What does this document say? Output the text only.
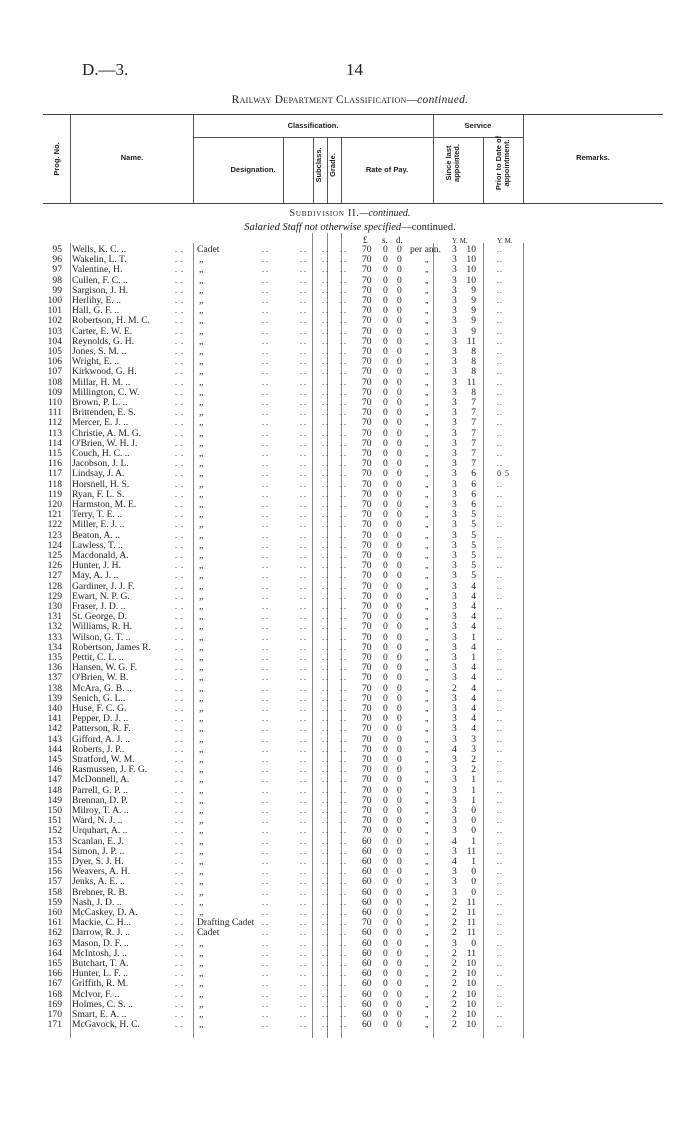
D.—3.	14
Railway Department Classification—continued.
Prog. No.	Name.
Classification.
Designation.	Subclass. Grade.	Rate of Pay.
Service
Since last appointed.	Prior to Date of appointment.	Remarks.
Subdivision II.—continued.
Salaried Staff not otherwise specified—continued.
£ s. d.	Y. M.	Y. M.
95 Wells, K. C. ..	. . Cadet	. .	. . . . . . 70 0 0 per ann. 3	10	..
96 Wakelin, L. T.	. . „	. .	. . . . . . 70 0 0	„ 3	10	..
97 Valentine, H.	. . „	. .	. . . . . . 70 0 0	„ 3	10	..
98 Cullen, F. C. ..	. . „	. .	. . . . . . 70 0 0	„ 3	10	..
99 Sargison, J. H.	. . „	. .	. . . . . . 70 0 0	„ 3	9	..
100 Herlihy, E. ..	. . „	. .	. . . . . . 70 0 0	„ 3	9	..
101 Hall, G. F. ..	. . „	. .	. . . . . . 70 0 0	„ 3	9	..
102 Robertson, H. M. C.	. . „	. .	. . . . . . 70 0 0	„ 3	9	..
103 Carter, E. W. E.	. . „	. .	. . . . . . 70 0 0	„ 3	9	..
104 Reynolds, G. H.	. . „	. .	. . . . . . 70 0 0	„ 3	11	..
105 Jones, S. M. ..	. . „	. .	. . . . . . 70 0 0	„ 3	8	..
106 Wright, E. ..	. . „	. .	. . . . . . 70 0 0	„ 3	8	..
107 Kirkwood, G. H.	. . „	. .	. . . . . . 70 0 0	„ 3	8	..
108 Millar, H. M. ..	. . „	. .	. . . . . . 70 0 0	„ 3	11	..
109 Millington, C. W.	. . „	. .	. . . . . . 70 0 0	„ 3	8	..
110 Brown, P. L. ..	. . „	. .	. . . . . . 70 0 0	„ 3	7	..
111 Brittenden, E. S.	. . „	. .	. . . . . . 70 0 0	„ 3	7	..
112 Mercer, E. J. ..	. . „	. .	. . . . . . 70 0 0	„ 3	7	..
113 Christie, A. M. G.	. . „	. .	. . . . . . 70 0 0	„ 3	7	..
114 O'Brien, W. H. J.	. . „	. .	. . . . . . 70 0 0	„ 3	7	..
115 Couch, H. C. ..	. . „	. .	. . . . . . 70 0 0	„ 3	7	..
116 Jacobson, J. L.	. . „	. .	. . . . . . 70 0 0	„ 3	7	..
117 Lindsay, J. A.	. . „	. .	. . . . . . 70 0 0	„ 3	6	0 5
118 Horsnell, H. S.	. . „	. .	. . . . . . 70 0 0	„ 3	6	..
119 Ryan, F. L. S.	. . „	. .	. . . . . . 70 0 0	„ 3	6	..
120 Harmston, M. E.	. . „	. .	. . . . . . 70 0 0	„ 3	6	..
121 Terry, T. E. ..	. . „	. .	. . . . . . 70 0 0	„ 3	5	..
122 Miller, E. J. ..	. . „	. .	. . . . . . 70 0 0	„ 3	5	..
123 Beaton, A. ..	. . „	. .	. . . . . . 70 0 0	„ 3	5	..
124 Lawless, T. ..	. . „	. .	. . . . . . 70 0 0	„ 3	5	..
125 Macdonald, A.	. . „	. .	. . . . . . 70 0 0	„ 3	5	..
126 Hunter, J. H.	. . „	. .	. . . . . . 70 0 0	„ 3	5	..
127 May, A. J. ..	. . „	. .	. . . . . . 70 0 0	„ 3	5	..
128 Gardiner, J. J. F.	. . „	. .	. . . . . . 70 0 0	„ 3	4	..
129 Ewart, N. P. G.	. . „	. .	. . . . . . 70 0 0	„ 3	4	..
130 Fraser, J. D. ..	. . „	. .	. . . . . . 70 0 0	„ 3	4	..
131 St. George, D.	. . „	. .	. . . . . . 70 0 0	„ 3	4	..
132 Williams, R. H.	. . „	. .	. . . . . . 70 0 0	„ 3	4	..
133 Wilson, G. T. ..	. . „	. .	. . . . . . 70 0 0	„ 3	1	..
134 Robertson, James R.	. . „	. .	. . . . . . 70 0 0	„ 3	4	..
135 Pettit, C. L. ..	. . „	. .	. . . . . . 70 0 0	„ 3	1	..
136 Hansen, W. G. F.	. . „	. .	. . . . . . 70 0 0	„ 3	4	..
137 O'Brien, W. B.	. . „	. .	. . . . . . 70 0 0	„ 3	4	..
138 McAra, G. B. ..	. . „	. .	. . . . . . 70 0 0	„ 2	4	..
139 Senich, G. L..	. . „	. .	. . . . . . 70 0 0	„ 3	4	..
140 Huse, F. C. G.	. . „	. .	. . . . . . 70 0 0	„ 3	4	..
141 Pepper, D. J. ..	. . „	. .	. . . . . . 70 0 0	„ 3	4	..
142 Patterson, R. F.	. . „	. .	. . . . . . 70 0 0	„ 3	4	..
143 Gifford, A. J. ..	. . „	. .	. . . . . . 70 0 0	„ 3	3	..
144 Roberts, J. P..	. . „	. .	. . . . . . 70 0 0	„ 4	3	..
145 Stratford, W. M.	. . „	. .	. . . . . . 70 0 0	„ 3	2	..
146 Rasmussen, J. F. G.	. . „	. .	. . . . . . 70 0 0	„ 3	2	..
147 McDonnell, A.	. . „	. .	. . . . . . 70 0 0	„ 3	1	..
148 Parrell, G. P. ..	. . „	. .	. . . . . . 70 0 0	„ 3	1	..
149 Brennan, D. P.	. . „	. .	. . . . . . 70 0 0	„ 3	1	..
150 Milroy, T. A. ..	. . „	. .	. . . . . . 70 0 0	„ 3	0	..
151 Ward, N. J. ..	. . „	. .	. . . . . . 70 0 0	„ 3	0	..
152 Urquhart, A. ..	. . „	. .	. . . . . . 70 0 0	„ 3	0	..
153 Scanlan, E. J.	. . „	. .	. . . . . . 60 0 0	„ 4	1	..
154 Simon, J. P. ..	. . „	. .	. . . . . . 60 0 0	„ 3	11	..
155 Dyer, S. J. H.	. . „	. .	. . . . . . 60 0 0	„ 4	1	..
156 Weavers, A. H.	. . „	. .	. . . . . . 60 0 0	„ 3	0	..
157 Jenks, A. E. ..	. . „	. .	. . . . . . 60 0 0	„ 3	0	..
158 Brebner, R. B.	. . „	. .	. . . . . . 60 0 0	„ 3	0	..
159 Nash, J. D. ..	. . „	. .	. . . . . . 60 0 0	„ 2	11	..
160 McCaskey, D. A.	. . „	. .	. . . . . . 60 0 0	„ 2	11	..
161 Mackie, C. H...	. . Drafting Cadet . .	. . . . . . 70 0 0	„ 2	11	..
162 Darrow, R. J. ..	. . Cadet	. .	. . . . . . 60 0 0	„ 2	11	..
163 Mason, D. F. ..	. . „	. .	. . . . . . 60 0 0	„ 3	0	..
164 McIntosh, J. ..	. . „	. .	. . . . . . 60 0 0	„ 2	11	..
165 Butchart, T. A.	. . „	. .	. . . . . . 60 0 0	„ 2	10	..
166 Hunter, L. F. ..	. . „	. .	. . . . . . 60 0 0	„ 2	10	..
167 Griffith, R. M.	. . „	. .	. . . . . . 60 0 0	„ 2	10	..
168 McIvor, F. ..	. . „	. .	. . . . . . 60 0 0	„ 2	10	..
169 Holmes, C. S. ..	. . „	. .	. . . . . . 60 0 0	„ 2	10	..
170 Smart, E. A. ..	. . „	. .	. . . . . . 60 0 0	„ 2	10	..
171 McGavock, H. C.	. . „	. .	. . . . . . 60 0 0	„ 2	10	..
